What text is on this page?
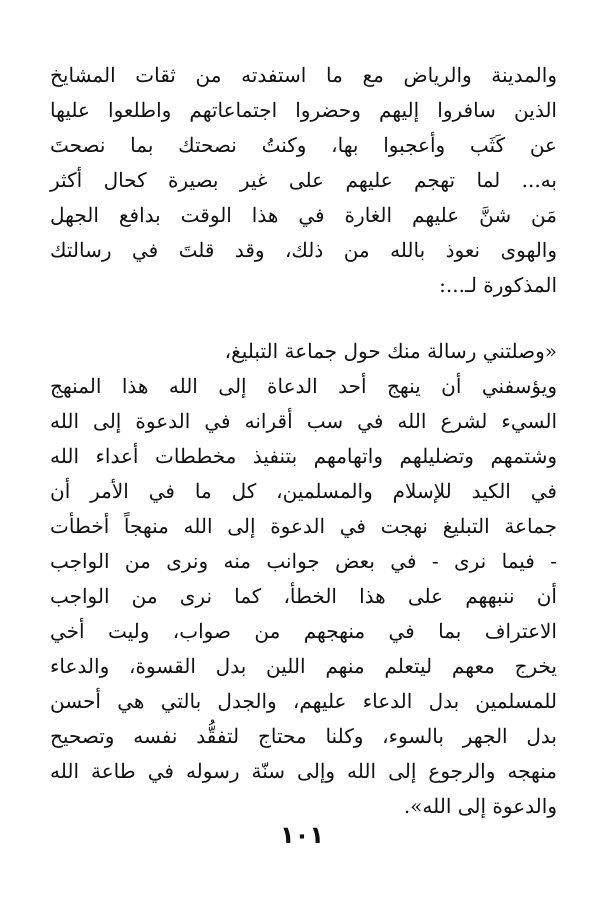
والمدينة والرياض مع ما استفدته من ثقات المشايخ
الذين سافروا إليهم وحضروا اجتماعاتهم واطلعوا عليها
عن كَثَب وأعجبوا بها، وكنتُ نصحتك بما نصحتَ
به... لما تهجم عليهم على غير بصيرة كحال أكثر
مَن شنَّ عليهم الغارة في هذا الوقت بدافع الجهل
والهوى نعوذ بالله من ذلك، وقد قلتَ في رسالتك
المذكورة لـ...:
«وصلتني رسالة منك حول جماعة التبليغ،
ويؤسفني أن ينهج أحد الدعاة إلى الله هذا المنهج
السيء لشرع الله في سب أقرانه في الدعوة إلى الله
وشتمهم وتضليلهم واتهامهم بتنفيذ مخططات أعداء الله
في الكيد للإسلام والمسلمين، كل ما في الأمر أن
جماعة التبليغ نهجت في الدعوة إلى الله منهجاً أخطأت
- فيما نرى - في بعض جوانب منه ونرى من الواجب
أن ننبههم على هذا الخطأ، كما نرى من الواجب
الاعتراف بما في منهجهم من صواب، وليت أخي
يخرج معهم ليتعلم منهم اللين بدل القسوة، والدعاء
للمسلمين بدل الدعاء عليهم، والجدل بالتي هي أحسن
بدل الجهر بالسوء، وكلنا محتاج لتفقُّد نفسه وتصحيح
منهجه والرجوع إلى الله وإلى سنّة رسوله في طاعة الله
والدعوة إلى الله».
١٠١
